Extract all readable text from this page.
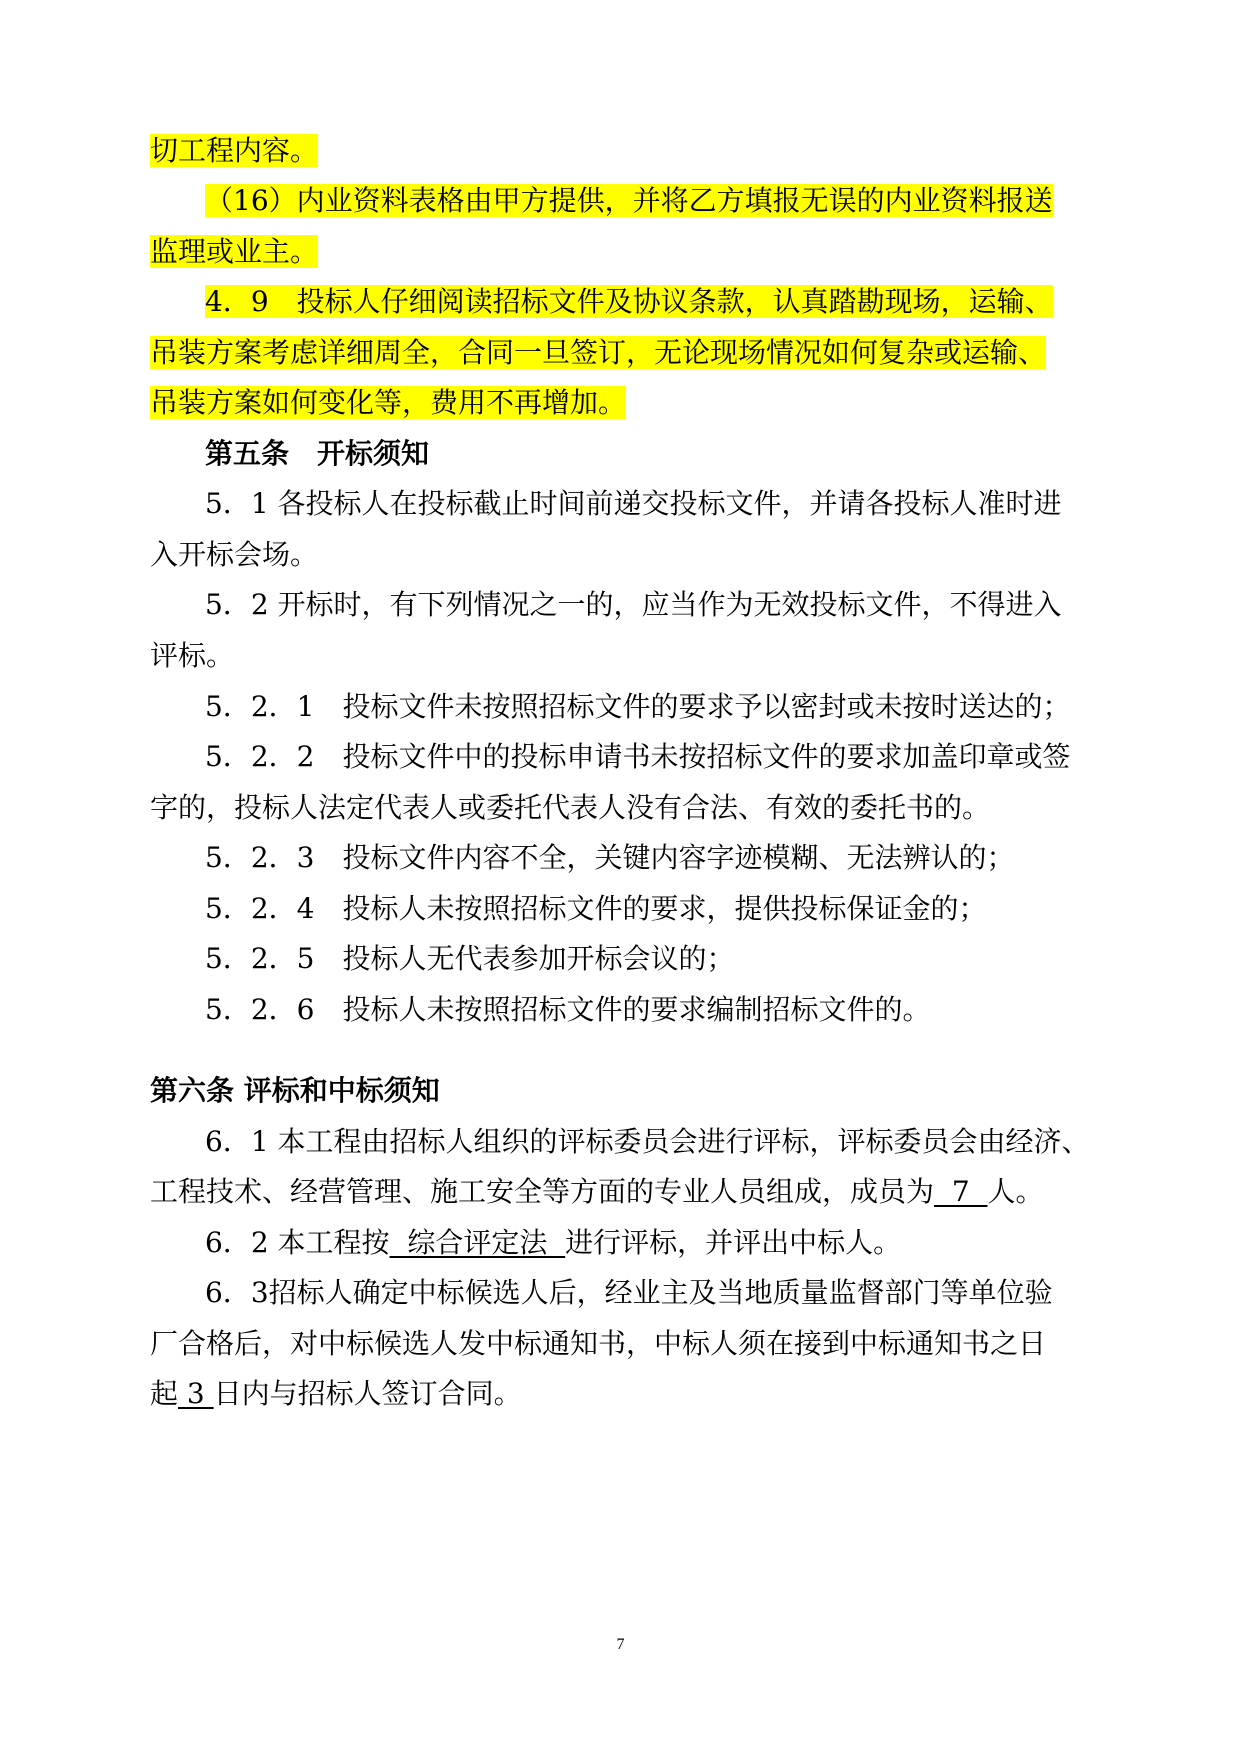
切工程内容。
（16）内业资料表格由甲方提供，并将乙方填报无误的内业资料报送
监理或业主。
4．9　投标人仔细阅读招标文件及协议条款，认真踏勘现场，运输、
吊装方案考虑详细周全，合同一旦签订，无论现场情况如何复杂或运输、
吊装方案如何变化等，费用不再增加。
第五条　开标须知
5．1 各投标人在投标截止时间前递交投标文件，并请各投标人准时进
入开标会场。
5．2 开标时，有下列情况之一的，应当作为无效投标文件，不得进入
评标。
5．2．1　投标文件未按照招标文件的要求予以密封或未按时送达的；
5．2．2　投标文件中的投标申请书未按招标文件的要求加盖印章或签
字的，投标人法定代表人或委托代表人没有合法、有效的委托书的。
5．2．3　投标文件内容不全，关键内容字迹模糊、无法辨认的；
5．2．4　投标人未按照招标文件的要求，提供投标保证金的；
5．2．5　投标人无代表参加开标会议的；
5．2．6　投标人未按照招标文件的要求编制招标文件的。
第六条 评标和中标须知
6．1 本工程由招标人组织的评标委员会进行评标，评标委员会由经济、
工程技术、经营管理、施工安全等方面的专业人员组成，成员为  7  人。
6．2 本工程按  综合评定法  进行评标，并评出中标人。
6．3招标人确定中标候选人后，经业主及当地质量监督部门等单位验
厂合格后，对中标候选人发中标通知书，中标人须在接到中标通知书之日
起 3 日内与招标人签订合同。
7
